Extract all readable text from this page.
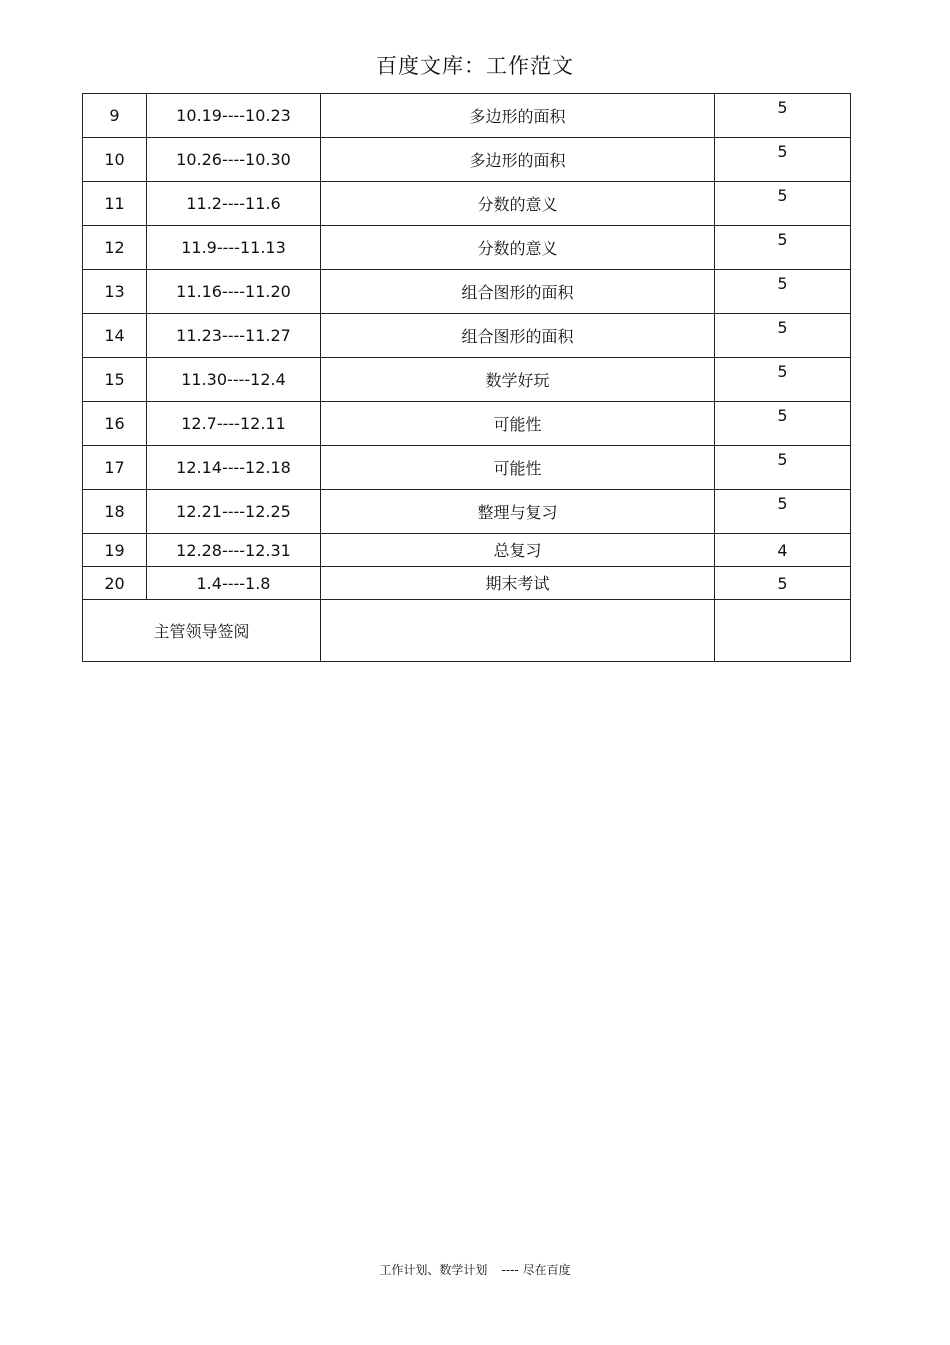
百度文库：工作范文
9	10.19----10.23	多边形的面积	5
10	10.26----10.30	多边形的面积	5
11	11.2----11.6	分数的意义	5
12	11.9----11.13	分数的意义	5
13	11.16----11.20	组合图形的面积	5
14	11.23----11.27	组合图形的面积	5
15	11.30----12.4	数学好玩	5
16	12.7----12.11	可能性	5
17	12.14----12.18	可能性	5
18	12.21----12.25	整理与复习	5
19	12.28----12.31	总复习	4
20	1.4----1.8	期末考试	5
主管领导签阅			
工作计划、数学计划 ---- 尽在百度
